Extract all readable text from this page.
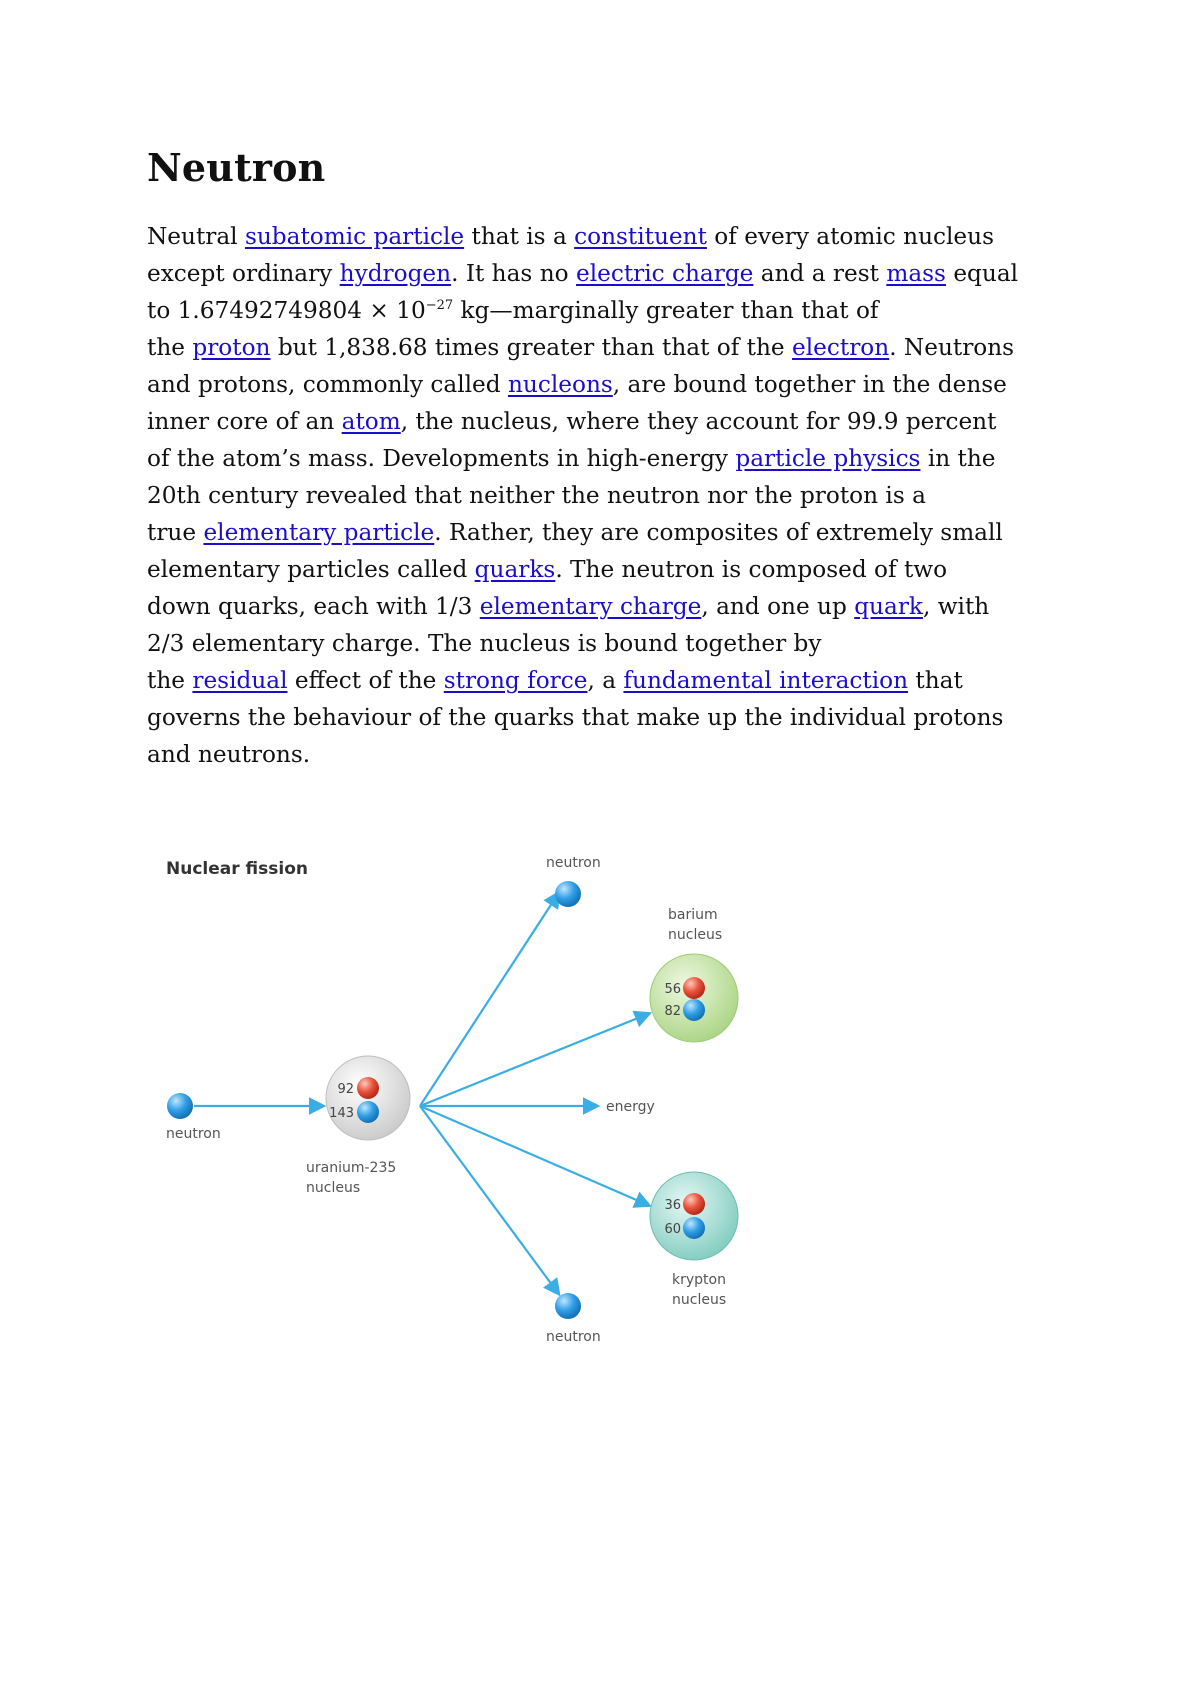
Neutron

Neutral subatomic particle that is a constituent of every atomic nucleus
except ordinary hydrogen. It has no electric charge and a rest mass equal
to $1.67492749804 \times 10^{-27}$ kg—marginally greater than that of
the proton but 1,838.68 times greater than that of the electron. Neutrons
and protons, commonly called nucleons, are bound together in the dense
inner core of an atom, the nucleus, where they account for 99.9 percent
of the atom’s mass. Developments in high-energy particle physics in the
20th century revealed that neither the neutron nor the proton is a
true elementary particle. Rather, they are composites of extremely small
elementary particles called quarks. The neutron is composed of two
down quarks, each with 1/3 elementary charge, and one up quark, with
2/3 elementary charge. The nucleus is bound together by
the residual effect of the strong force, a fundamental interaction that
governs the behaviour of the quarks that make up the individual protons
and neutrons.

Nuclear fission
neutron
92
143
uranium-235
nucleus
neutron
56
82
barium
nucleus
energy
36
60
krypton
nucleus
neutron
